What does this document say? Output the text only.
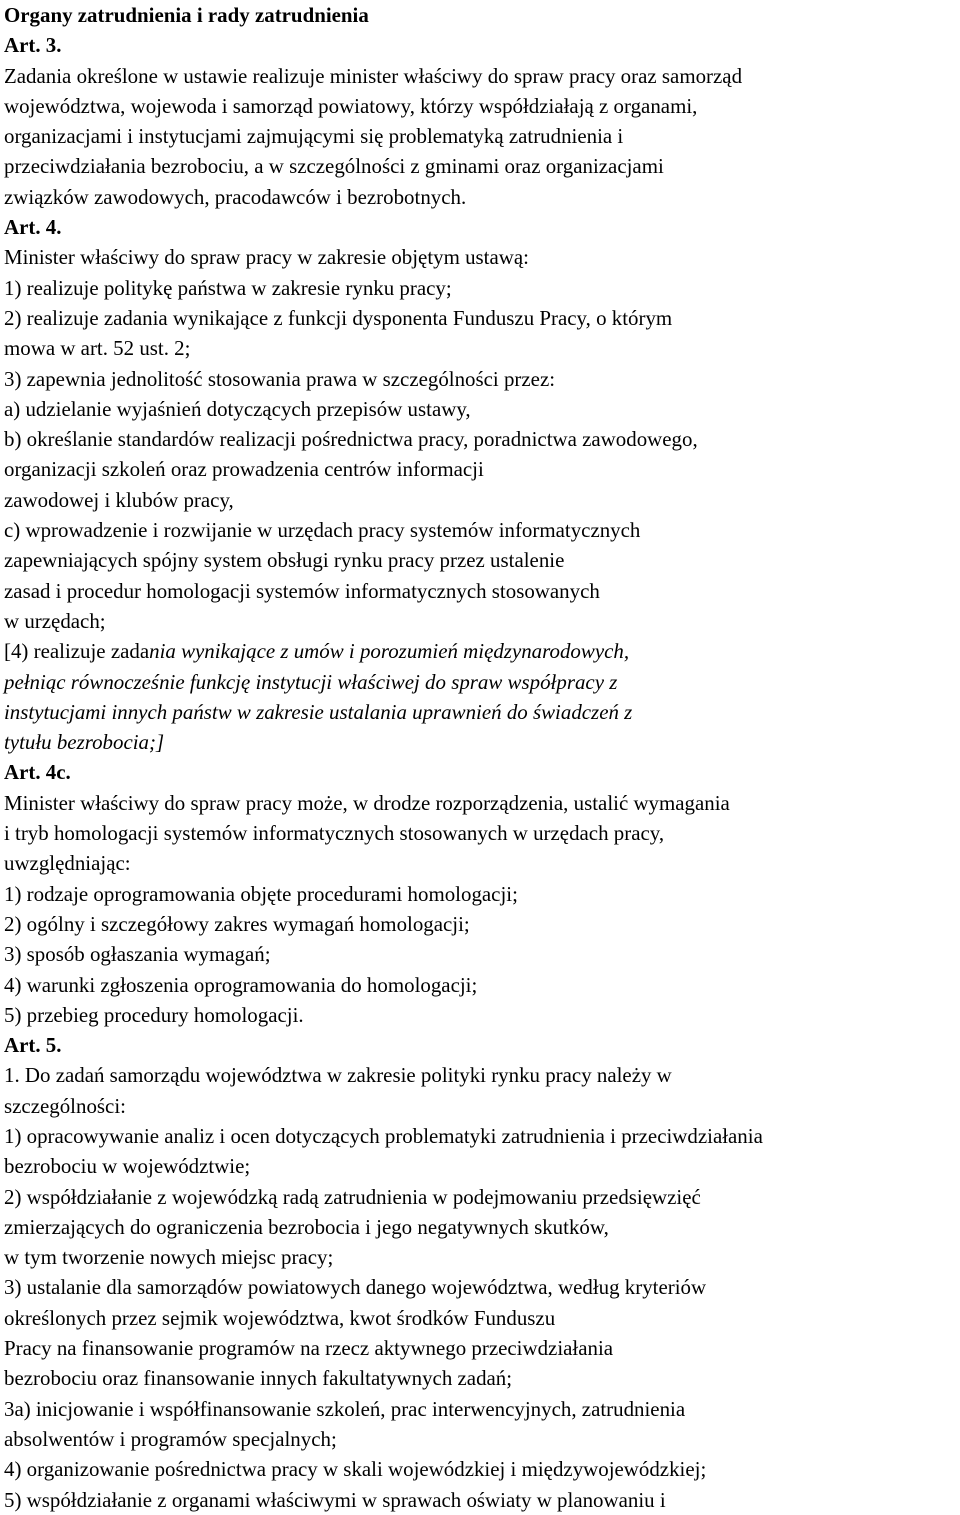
Organy zatrudnienia i rady zatrudnienia
Art. 3.
Zadania określone w ustawie realizuje minister właściwy do spraw pracy oraz samorząd
województwa, wojewoda i samorząd powiatowy, którzy współdziałają z organami,
organizacjami i instytucjami zajmującymi się problematyką zatrudnienia i
przeciwdziałania bezrobociu, a w szczególności z gminami oraz organizacjami
związków zawodowych, pracodawców i bezrobotnych.
Art. 4.
Minister właściwy do spraw pracy w zakresie objętym ustawą:
1) realizuje politykę państwa w zakresie rynku pracy;
2) realizuje zadania wynikające z funkcji dysponenta Funduszu Pracy, o którym
mowa w art. 52 ust. 2;
3) zapewnia jednolitość stosowania prawa w szczególności przez:
a) udzielanie wyjaśnień dotyczących przepisów ustawy,
b) określanie standardów realizacji pośrednictwa pracy, poradnictwa zawodowego,
organizacji szkoleń oraz prowadzenia centrów informacji
zawodowej i klubów pracy,
c) wprowadzenie i rozwijanie w urzędach pracy systemów informatycznych
zapewniających spójny system obsługi rynku pracy przez ustalenie
zasad i procedur homologacji systemów informatycznych stosowanych
w urzędach;
[4) realizuje zadania wynikające z umów i porozumień międzynarodowych,
pełniąc równocześnie funkcję instytucji właściwej do spraw współpracy z
instytucjami innych państw w zakresie ustalania uprawnień do świadczeń z
tytułu bezrobocia;]
Art. 4c.
Minister właściwy do spraw pracy może, w drodze rozporządzenia, ustalić wymagania
i tryb homologacji systemów informatycznych stosowanych w urzędach pracy,
uwzględniając:
1) rodzaje oprogramowania objęte procedurami homologacji;
2) ogólny i szczegółowy zakres wymagań homologacji;
3) sposób ogłaszania wymagań;
4) warunki zgłoszenia oprogramowania do homologacji;
5) przebieg procedury homologacji.
Art. 5.
1. Do zadań samorządu województwa w zakresie polityki rynku pracy należy w
szczególności:
1) opracowywanie analiz i ocen dotyczących problematyki zatrudnienia i przeciwdziałania
bezrobociu w województwie;
2) współdziałanie z wojewódzką radą zatrudnienia w podejmowaniu przedsięwzięć
zmierzających do ograniczenia bezrobocia i jego negatywnych skutków,
w tym tworzenie nowych miejsc pracy;
3) ustalanie dla samorządów powiatowych danego województwa, według kryteriów
określonych przez sejmik województwa, kwot środków Funduszu
Pracy na finansowanie programów na rzecz aktywnego przeciwdziałania
bezrobociu oraz finansowanie innych fakultatywnych zadań;
3a) inicjowanie i współfinansowanie szkoleń, prac interwencyjnych, zatrudnienia
absolwentów i programów specjalnych;
4) organizowanie pośrednictwa pracy w skali wojewódzkiej i międzywojewódzkiej;
5) współdziałanie z organami właściwymi w sprawach oświaty w planowaniu i
